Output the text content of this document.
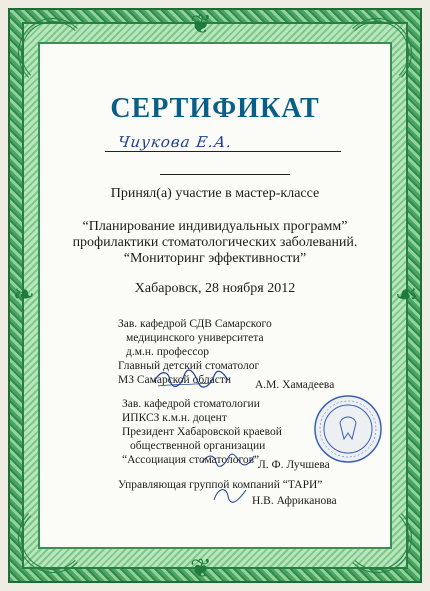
❦
❦
❧	☙
СЕРТИФИКАТ
Чиукова Е.А.
Принял(а) участие в мастер-классе
“Планирование индивидуальных программ”
профилактики стоматологических заболеваний.
“Мониторинг эффективности”
Хабаровск, 28 ноября 2012
Зав. кафедрой СДВ Самарского
медицинского университета
д.м.н. профессор
Главный детский стоматолог
МЗ Самарской области	А.М. Хамадеева
Зав. кафедрой стоматологии
ИПКСЗ к.м.н. доцент
Президент Хабаровской краевой
общественной организации
“Ассоциация стоматологов”
Л. Ф. Лучшева
Управляющая группой компаний “ТАРИ”
Н.В. Африканова
